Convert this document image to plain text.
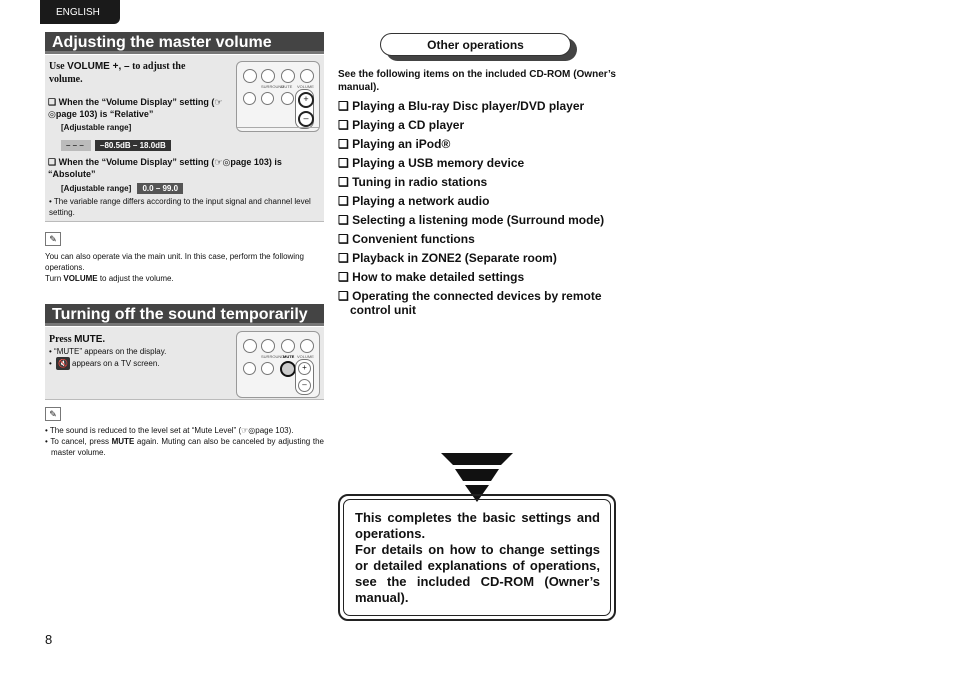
ENGLISH
Adjusting the master volume
Use VOLUME +, – to adjust the volume.
❑ When the “Volume Display” setting (☞◎page 103) is “Relative”
[Adjustable range]
– – – –80.5dB – 18.0dB
❑ When the “Volume Display” setting (☞◎page 103) is “Absolute”
[Adjustable range] 0.0 – 99.0
• The variable range differs according to the input signal and channel level setting.
SURROUND
MUTE VOLUME
+
–
✎
You can also operate via the main unit. In this case, perform the following operations.
Turn VOLUME to adjust the volume.
Turning off the sound temporarily
Press MUTE.
• “MUTE” appears on the display.
• 🔇 appears on a TV screen.
SURROUND
MUTE VOLUME
+
–
✎
• The sound is reduced to the level set at “Mute Level” (☞◎page 103).
• To cancel, press MUTE again. Muting can also be canceled by adjusting the master volume.
8
Other operations
See the following items on the included CD-ROM (Owner’s manual).
❑ Playing a Blu-ray Disc player/DVD player
❑ Playing a CD player
❑ Playing an iPod®
❑ Playing a USB memory device
❑ Tuning in radio stations
❑ Playing a network audio
❑ Selecting a listening mode (Surround mode)
❑ Convenient functions
❑ Playback in ZONE2 (Separate room)
❑ How to make detailed settings
❑ Operating the connected devices by remote control unit
This completes the basic settings and operations.
For details on how to change settings or detailed explanations of operations, see the included CD-ROM (Owner’s manual).
